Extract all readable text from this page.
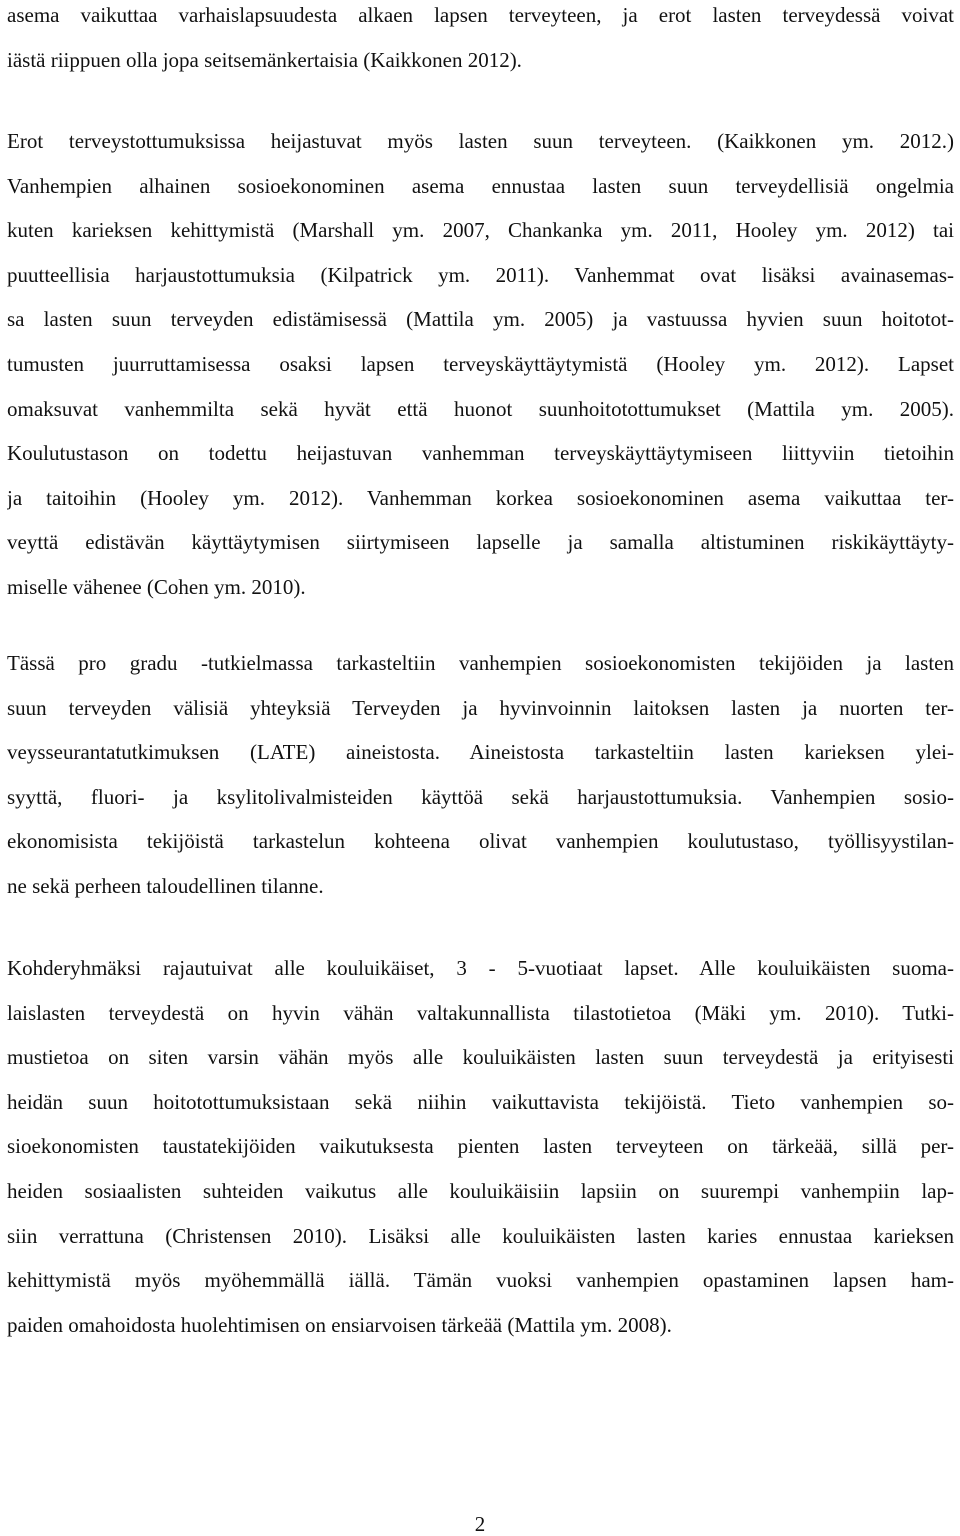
asema vaikuttaa varhaislapsuudesta alkaen lapsen terveyteen, ja erot lasten terveydessä voivat
iästä riippuen olla jopa seitsemänkertaisia (Kaikkonen 2012).

Erot terveystottumuksissa heijastuvat myös lasten suun terveyteen. (Kaikkonen ym. 2012.)
Vanhempien alhainen sosioekonominen asema ennustaa lasten suun terveydellisiä ongelmia
kuten karieksen kehittymistä (Marshall ym. 2007, Chankanka ym. 2011, Hooley ym. 2012) tai
puutteellisia harjaustottumuksia (Kilpatrick ym. 2011). Vanhemmat ovat lisäksi avainasemas-
sa lasten suun terveyden edistämisessä (Mattila ym. 2005) ja vastuussa hyvien suun hoitotot-
tumusten juurruttamisessa osaksi lapsen terveyskäyttäytymistä (Hooley ym. 2012). Lapset
omaksuvat vanhemmilta sekä hyvät että huonot suunhoitotottumukset (Mattila ym. 2005).
Koulutustason on todettu heijastuvan vanhemman terveyskäyttäytymiseen liittyviin tietoihin
ja taitoihin (Hooley ym. 2012). Vanhemman korkea sosioekonominen asema vaikuttaa ter-
veyttä edistävän käyttäytymisen siirtymiseen lapselle ja samalla altistuminen riskikäyttäyty-
miselle vähenee (Cohen ym. 2010).

Tässä pro gradu -tutkielmassa tarkasteltiin vanhempien sosioekonomisten tekijöiden ja lasten
suun terveyden välisiä yhteyksiä Terveyden ja hyvinvoinnin laitoksen lasten ja nuorten ter-
veysseurantatutkimuksen (LATE) aineistosta. Aineistosta tarkasteltiin lasten karieksen ylei-
syyttä, fluori- ja ksylitolivalmisteiden käyttöä sekä harjaustottumuksia. Vanhempien sosio-
ekonomisista tekijöistä tarkastelun kohteena olivat vanhempien koulutustaso, työllisyystilan-
ne sekä perheen taloudellinen tilanne.

Kohderyhmäksi rajautuivat alle kouluikäiset, 3 - 5-vuotiaat lapset. Alle kouluikäisten suoma-
laislasten terveydestä on hyvin vähän valtakunnallista tilastotietoa (Mäki ym. 2010). Tutki-
mustietoa on siten varsin vähän myös alle kouluikäisten lasten suun terveydestä ja erityisesti
heidän suun hoitotottumuksistaan sekä niihin vaikuttavista tekijöistä. Tieto vanhempien so-
sioekonomisten taustatekijöiden vaikutuksesta pienten lasten terveyteen on tärkeää, sillä per-
heiden sosiaalisten suhteiden vaikutus alle kouluikäisiin lapsiin on suurempi vanhempiin lap-
siin verrattuna (Christensen 2010). Lisäksi alle kouluikäisten lasten karies ennustaa karieksen
kehittymistä myös myöhemmällä iällä. Tämän vuoksi vanhempien opastaminen lapsen ham-
paiden omahoidosta huolehtimisen on ensiarvoisen tärkeää (Mattila ym. 2008).

2
